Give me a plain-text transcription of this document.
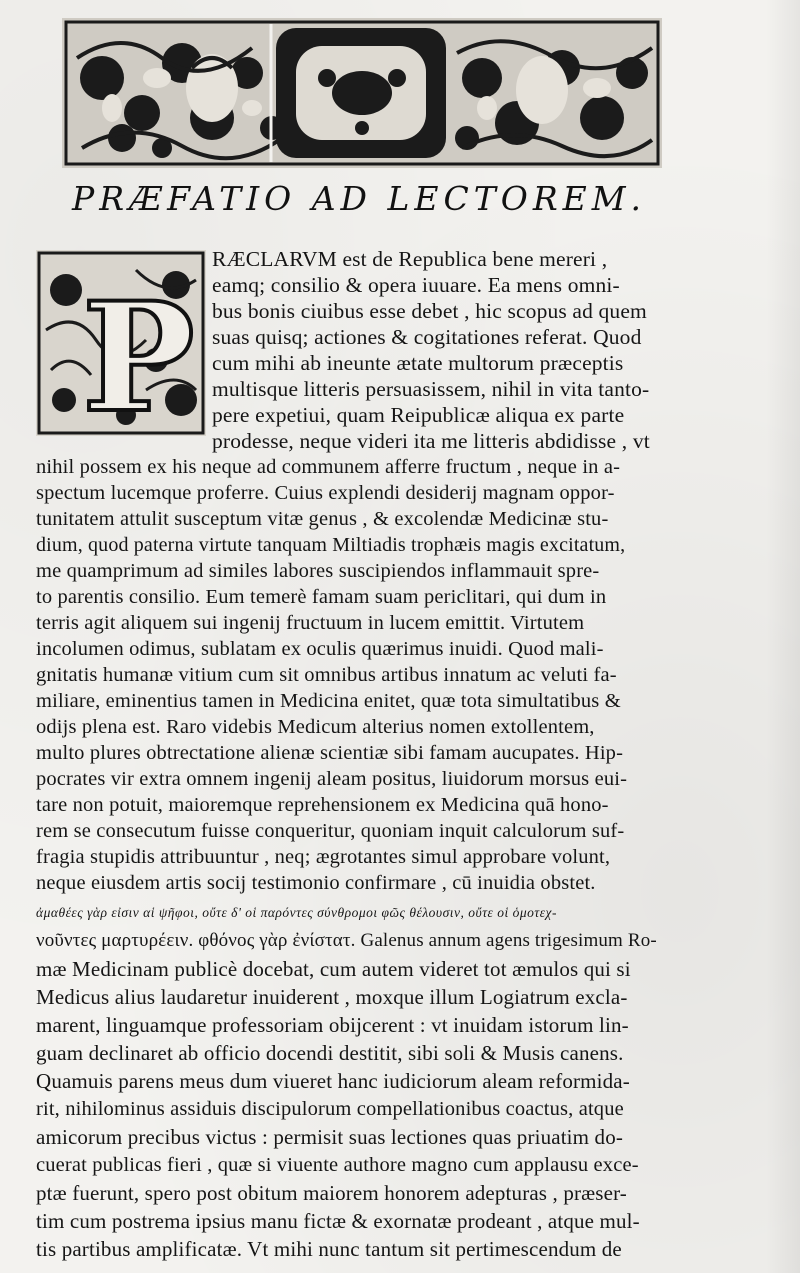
PRÆFATIO AD LECTOREM.
P
RÆCLARVM est de Republica bene mereri ,
eamq; consilio & opera iuuare. Ea mens omni-
bus bonis ciuibus esse debet , hic scopus ad quem
suas quisq; actiones & cogitationes referat. Quod
cum mihi ab ineunte ætate multorum præceptis
multisque litteris persuasissem, nihil in vita tanto-
pere expetiui, quam Reipublicæ aliqua ex parte
prodesse, neque videri ita me litteris abdidisse , vt
nihil possem ex his neque ad communem afferre fructum , neque in a-
spectum lucemque proferre. Cuius explendi desiderij magnam oppor-
tunitatem attulit susceptum vitæ genus , & excolendæ Medicinæ stu-
dium, quod paterna virtute tanquam Miltiadis trophæis magis excitatum,
me quamprimum ad similes labores suscipiendos inflammauit spre-
to parentis consilio. Eum temerè famam suam periclitari, qui dum in
terris agit aliquem sui ingenij fructuum in lucem emittit. Virtutem
incolumen odimus, sublatam ex oculis quærimus inuidi. Quod mali-
gnitatis humanæ vitium cum sit omnibus artibus innatum ac veluti fa-
miliare, eminentius tamen in Medicina enitet, quæ tota simultatibus &
odijs plena est. Raro videbis Medicum alterius nomen extollentem,
multo plures obtrectatione alienæ scientiæ sibi famam aucupates. Hip-
pocrates vir extra omnem ingenij aleam positus, liuidorum morsus eui-
tare non potuit, maioremque reprehensionem ex Medicina quā hono-
rem se consecutum fuisse conqueritur, quoniam inquit calculorum suf-
fragia stupidis attribuuntur , neq; ægrotantes simul approbare volunt,
neque eiusdem artis socij testimonio confirmare , cū inuidia obstet.
ἀμαθέες γὰρ εἰσιν αἱ ψῆφοι, οὔτε δ' οἱ παρόντες σύνθρομοι φῶς θέλουσιν, οὔτε οἱ ὁμοτεχ-
νοῦντες μαρτυρέειν. φθόνος γὰρ ἐνίστατ. Galenus annum agens trigesimum Ro-
mæ Medicinam publicè docebat, cum autem videret tot æmulos qui si
Medicus alius laudaretur inuiderent , moxque illum Logiatrum excla-
marent, linguamque professoriam obijcerent : vt inuidam istorum lin-
guam declinaret ab officio docendi destitit, sibi soli & Musis canens.
Quamuis parens meus dum viueret hanc iudiciorum aleam reformida-
rit, nihilominus assiduis discipulorum compellationibus coactus, atque
amicorum precibus victus : permisit suas lectiones quas priuatim do-
cuerat publicas fieri , quæ si viuente authore magno cum applausu exce-
ptæ fuerunt, spero post obitum maiorem honorem adepturas , præser-
tim cum postrema ipsius manu fictæ & exornatæ prodeant , atque mul-
tis partibus amplificatæ. Vt mihi nunc tantum sit pertimescendum de
